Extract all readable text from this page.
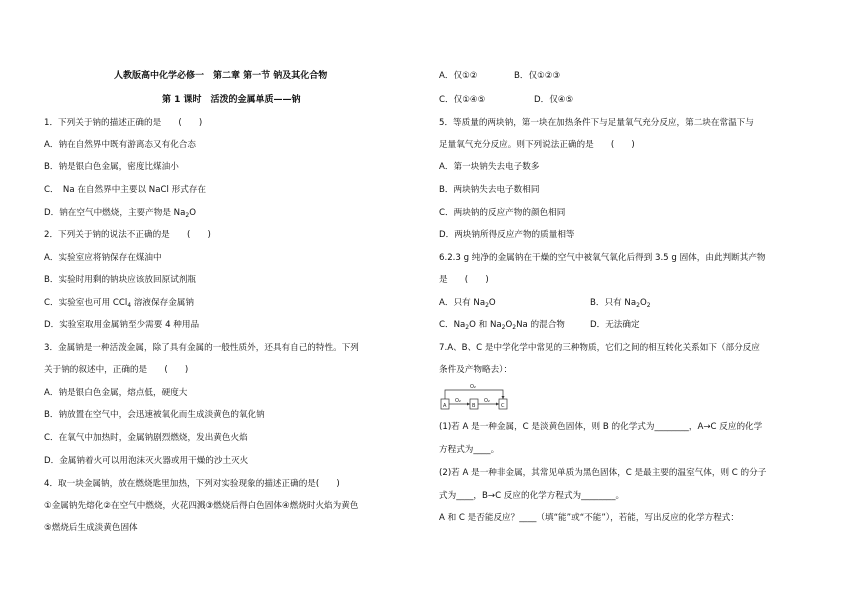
人教版高中化学必修一　第二章 第一节 钠及其化合物
第 1 课时　活泼的金属单质——钠
1．下列关于钠的描述正确的是　　(　　)
A．钠在自然界中既有游离态又有化合态
B．钠是银白色金属，密度比煤油小
C．　Na 在自然界中主要以 NaCl 形式存在
D．钠在空气中燃烧，主要产物是 $Na_2O$
2．下列关于钠的说法不正确的是　　(　　)
A．实验室应将钠保存在煤油中
B．实验时用剩的钠块应该放回原试剂瓶
C．实验室也可用 CCl$_4$ 溶液保存金属钠
D．实验室取用金属钠至少需要 4 种用品
3．金属钠是一种活泼金属，除了具有金属的一般性质外，还具有自己的特性。下列
关于钠的叙述中，正确的是　　(　　)
A．钠是银白色金属，熔点低，硬度大
B．钠放置在空气中，会迅速被氧化而生成淡黄色的氧化钠
C．在氧气中加热时，金属钠剧烈燃烧，发出黄色火焰
D．金属钠着火可以用泡沫灭火器或用干燥的沙土灭火
4．取一块金属钠，放在燃烧匙里加热，下列对实验现象的描述正确的是(　　)
①金属钠先熔化②在空气中燃烧，火花四溅③燃烧后得白色固体④燃烧时火焰为黄色
⑤燃烧后生成淡黄色固体
A．仅①②	B．仅①②③
C．仅①④⑤	D．仅④⑤
5．等质量的两块钠，第一块在加热条件下与足量氧气充分反应，第二块在常温下与
足量氧气充分反应。则下列说法正确的是　　(　　)
A．第一块钠失去电子数多
B．两块钠失去电子数相同
C．两块钠的反应产物的颜色相同
D．两块钠所得反应产物的质量相等
6.2.3 g 纯净的金属钠在干燥的空气中被氧气氧化后得到 3.5 g 固体，由此判断其产物
是　　(　　)
A．只有 $Na_2O$	B．只有 $Na_2O_2$
C．$Na_2O$ 和 $Na_2O_2Na$ 的混合物	D．无法确定
7.A、B、C 是中学化学中常见的三种物质，它们之间的相互转化关系如下（部分反应
条件及产物略去）：
A	B	C
O₂
O₂	O₂
(1)若 A 是一种金属，C 是淡黄色固体，则 B 的化学式为________，A→C 反应的化学
方程式为____。
(2)若 A 是一种非金属，其常见单质为黑色固体，C 是最主要的温室气体，则 C 的分子
式为____，B→C 反应的化学方程式为________。
A 和 C 是否能反应？____（填“能”或“不能”），若能，写出反应的化学方程式：
